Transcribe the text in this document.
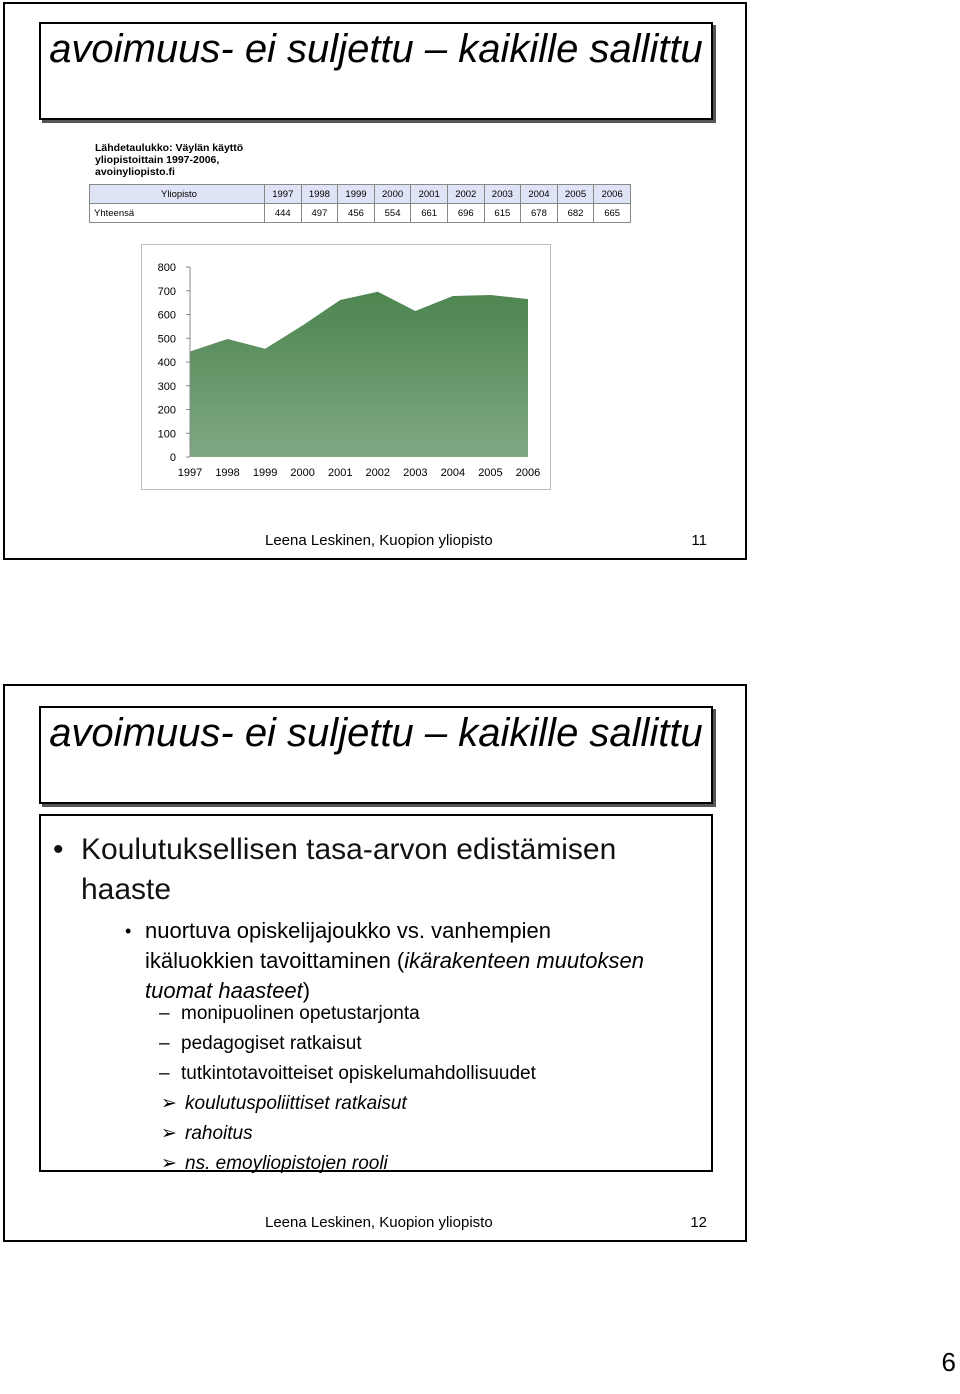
avoimuus- ei suljettu – kaikille sallittu
Lähdetaulukko: Väylän käyttö
yliopistoittain 1997-2006,
avoinyliopisto.fi
Yliopisto	1997	1998	1999	2000	2001	2002	2003	2004	2005	2006
Yhteensä	444	497	456	554	661	696	615	678	682	665
0
100
200
300
400
500
600
700
800
1997 1998 1999 2000 2001 2002 2003 2004 2005 2006
Leena Leskinen, Kuopion yliopisto	11
avoimuus- ei suljettu – kaikille sallittu
• Koulutuksellisen tasa-arvon edistämisen haaste
• nuortuva opiskelijajoukko vs. vanhempien ikäluokkien tavoittaminen (ikärakenteen muutoksen tuomat haasteet)
– monipuolinen opetustarjonta
– pedagogiset ratkaisut
– tutkintotavoitteiset opiskelumahdollisuudet
➢ koulutuspoliittiset ratkaisut
➢ rahoitus
➢ ns. emoyliopistojen rooli
Leena Leskinen, Kuopion yliopisto	12
6
